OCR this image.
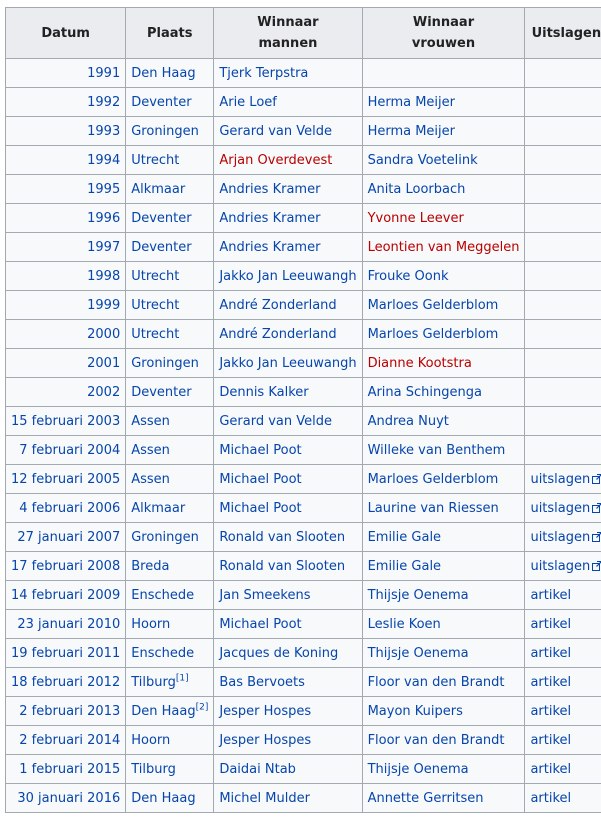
Datum	Plaats	Winnaar mannen	Winnaar vrouwen	Uitslagen
1991	Den Haag	Tjerk Terpstra		
1992	Deventer	Arie Loef	Herma Meijer	
1993	Groningen	Gerard van Velde	Herma Meijer	
1994	Utrecht	Arjan Overdevest	Sandra Voetelink	
1995	Alkmaar	Andries Kramer	Anita Loorbach	
1996	Deventer	Andries Kramer	Yvonne Leever	
1997	Deventer	Andries Kramer	Leontien van Meggelen	
1998	Utrecht	Jakko Jan Leeuwangh	Frouke Oonk	
1999	Utrecht	André Zonderland	Marloes Gelderblom	
2000	Utrecht	André Zonderland	Marloes Gelderblom	
2001	Groningen	Jakko Jan Leeuwangh	Dianne Kootstra	
2002	Deventer	Dennis Kalker	Arina Schingenga	
15 februari 2003	Assen	Gerard van Velde	Andrea Nuyt	
7 februari 2004	Assen	Michael Poot	Willeke van Benthem	
12 februari 2005	Assen	Michael Poot	Marloes Gelderblom	uitslagen
4 februari 2006	Alkmaar	Michael Poot	Laurine van Riessen	uitslagen
27 januari 2007	Groningen	Ronald van Slooten	Emilie Gale	uitslagen
17 februari 2008	Breda	Ronald van Slooten	Emilie Gale	uitslagen
14 februari 2009	Enschede	Jan Smeekens	Thijsje Oenema	artikel
23 januari 2010	Hoorn	Michael Poot	Leslie Koen	artikel
19 februari 2011	Enschede	Jacques de Koning	Thijsje Oenema	artikel
18 februari 2012	Tilburg[1]	Bas Bervoets	Floor van den Brandt	artikel
2 februari 2013	Den Haag[2]	Jesper Hospes	Mayon Kuipers	artikel
2 februari 2014	Hoorn	Jesper Hospes	Floor van den Brandt	artikel
1 februari 2015	Tilburg	Daidai Ntab	Thijsje Oenema	artikel
30 januari 2016	Den Haag	Michel Mulder	Annette Gerritsen	artikel
